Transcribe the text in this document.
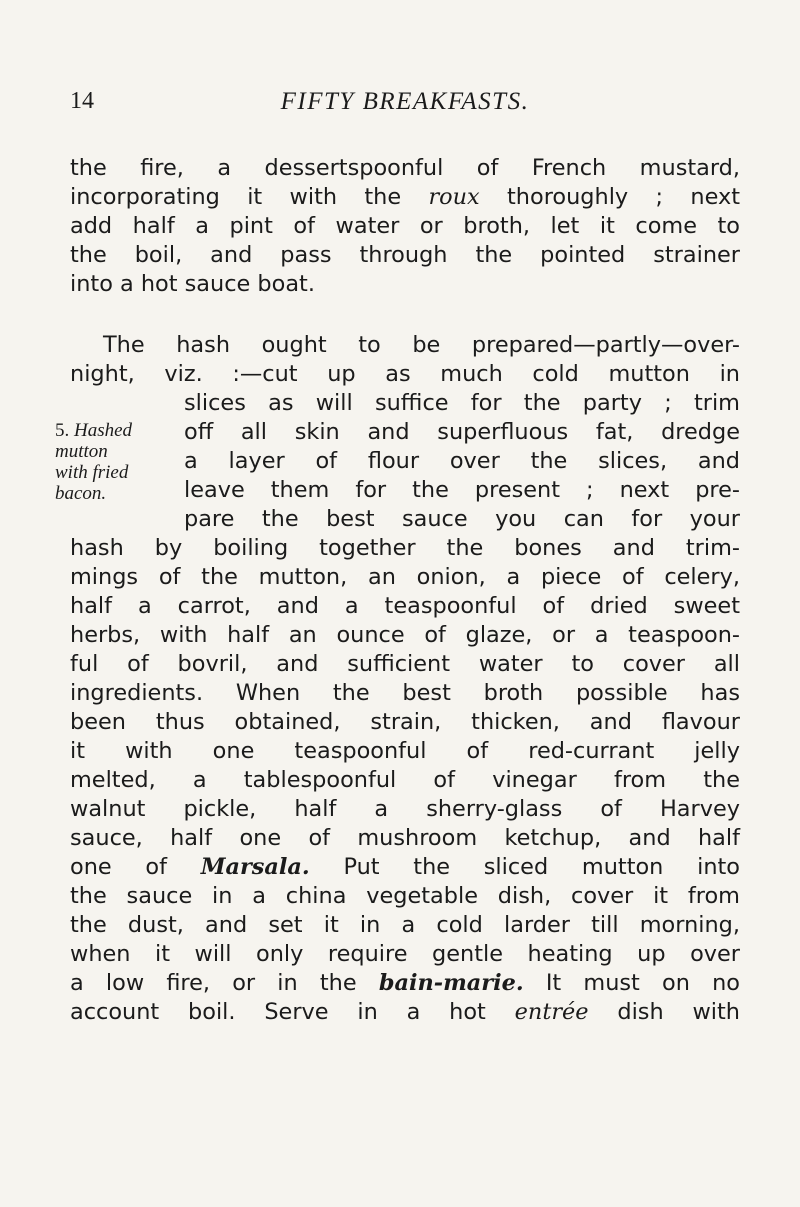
14	FIFTY BREAKFASTS.
the fire, a dessertspoonful of French mustard,
incorporating it with the roux thoroughly ; next
add half a pint of water or broth, let it come to
the boil, and pass through the pointed strainer
into a hot sauce boat.
The hash ought to be prepared—partly—over-
night, viz. :—cut up as much cold mutton in
slices as will suffice for the party ; trim
off all skin and superfluous fat, dredge
a layer of flour over the slices, and
leave them for the present ; next pre-
pare the best sauce you can for your
hash by boiling together the bones and trim-
mings of the mutton, an onion, a piece of celery,
half a carrot, and a teaspoonful of dried sweet
herbs, with half an ounce of glaze, or a teaspoon-
ful of bovril, and sufficient water to cover all
ingredients. When the best broth possible has
been thus obtained, strain, thicken, and flavour
it with one teaspoonful of red-currant jelly
melted, a tablespoonful of vinegar from the
walnut pickle, half a sherry-glass of Harvey
sauce, half one of mushroom ketchup, and half
one of Marsala. Put the sliced mutton into
the sauce in a china vegetable dish, cover it from
the dust, and set it in a cold larder till morning,
when it will only require gentle heating up over
a low fire, or in the bain-marie. It must on no
account boil. Serve in a hot entrée dish with
5. Hashed
mutton
with fried
bacon.
